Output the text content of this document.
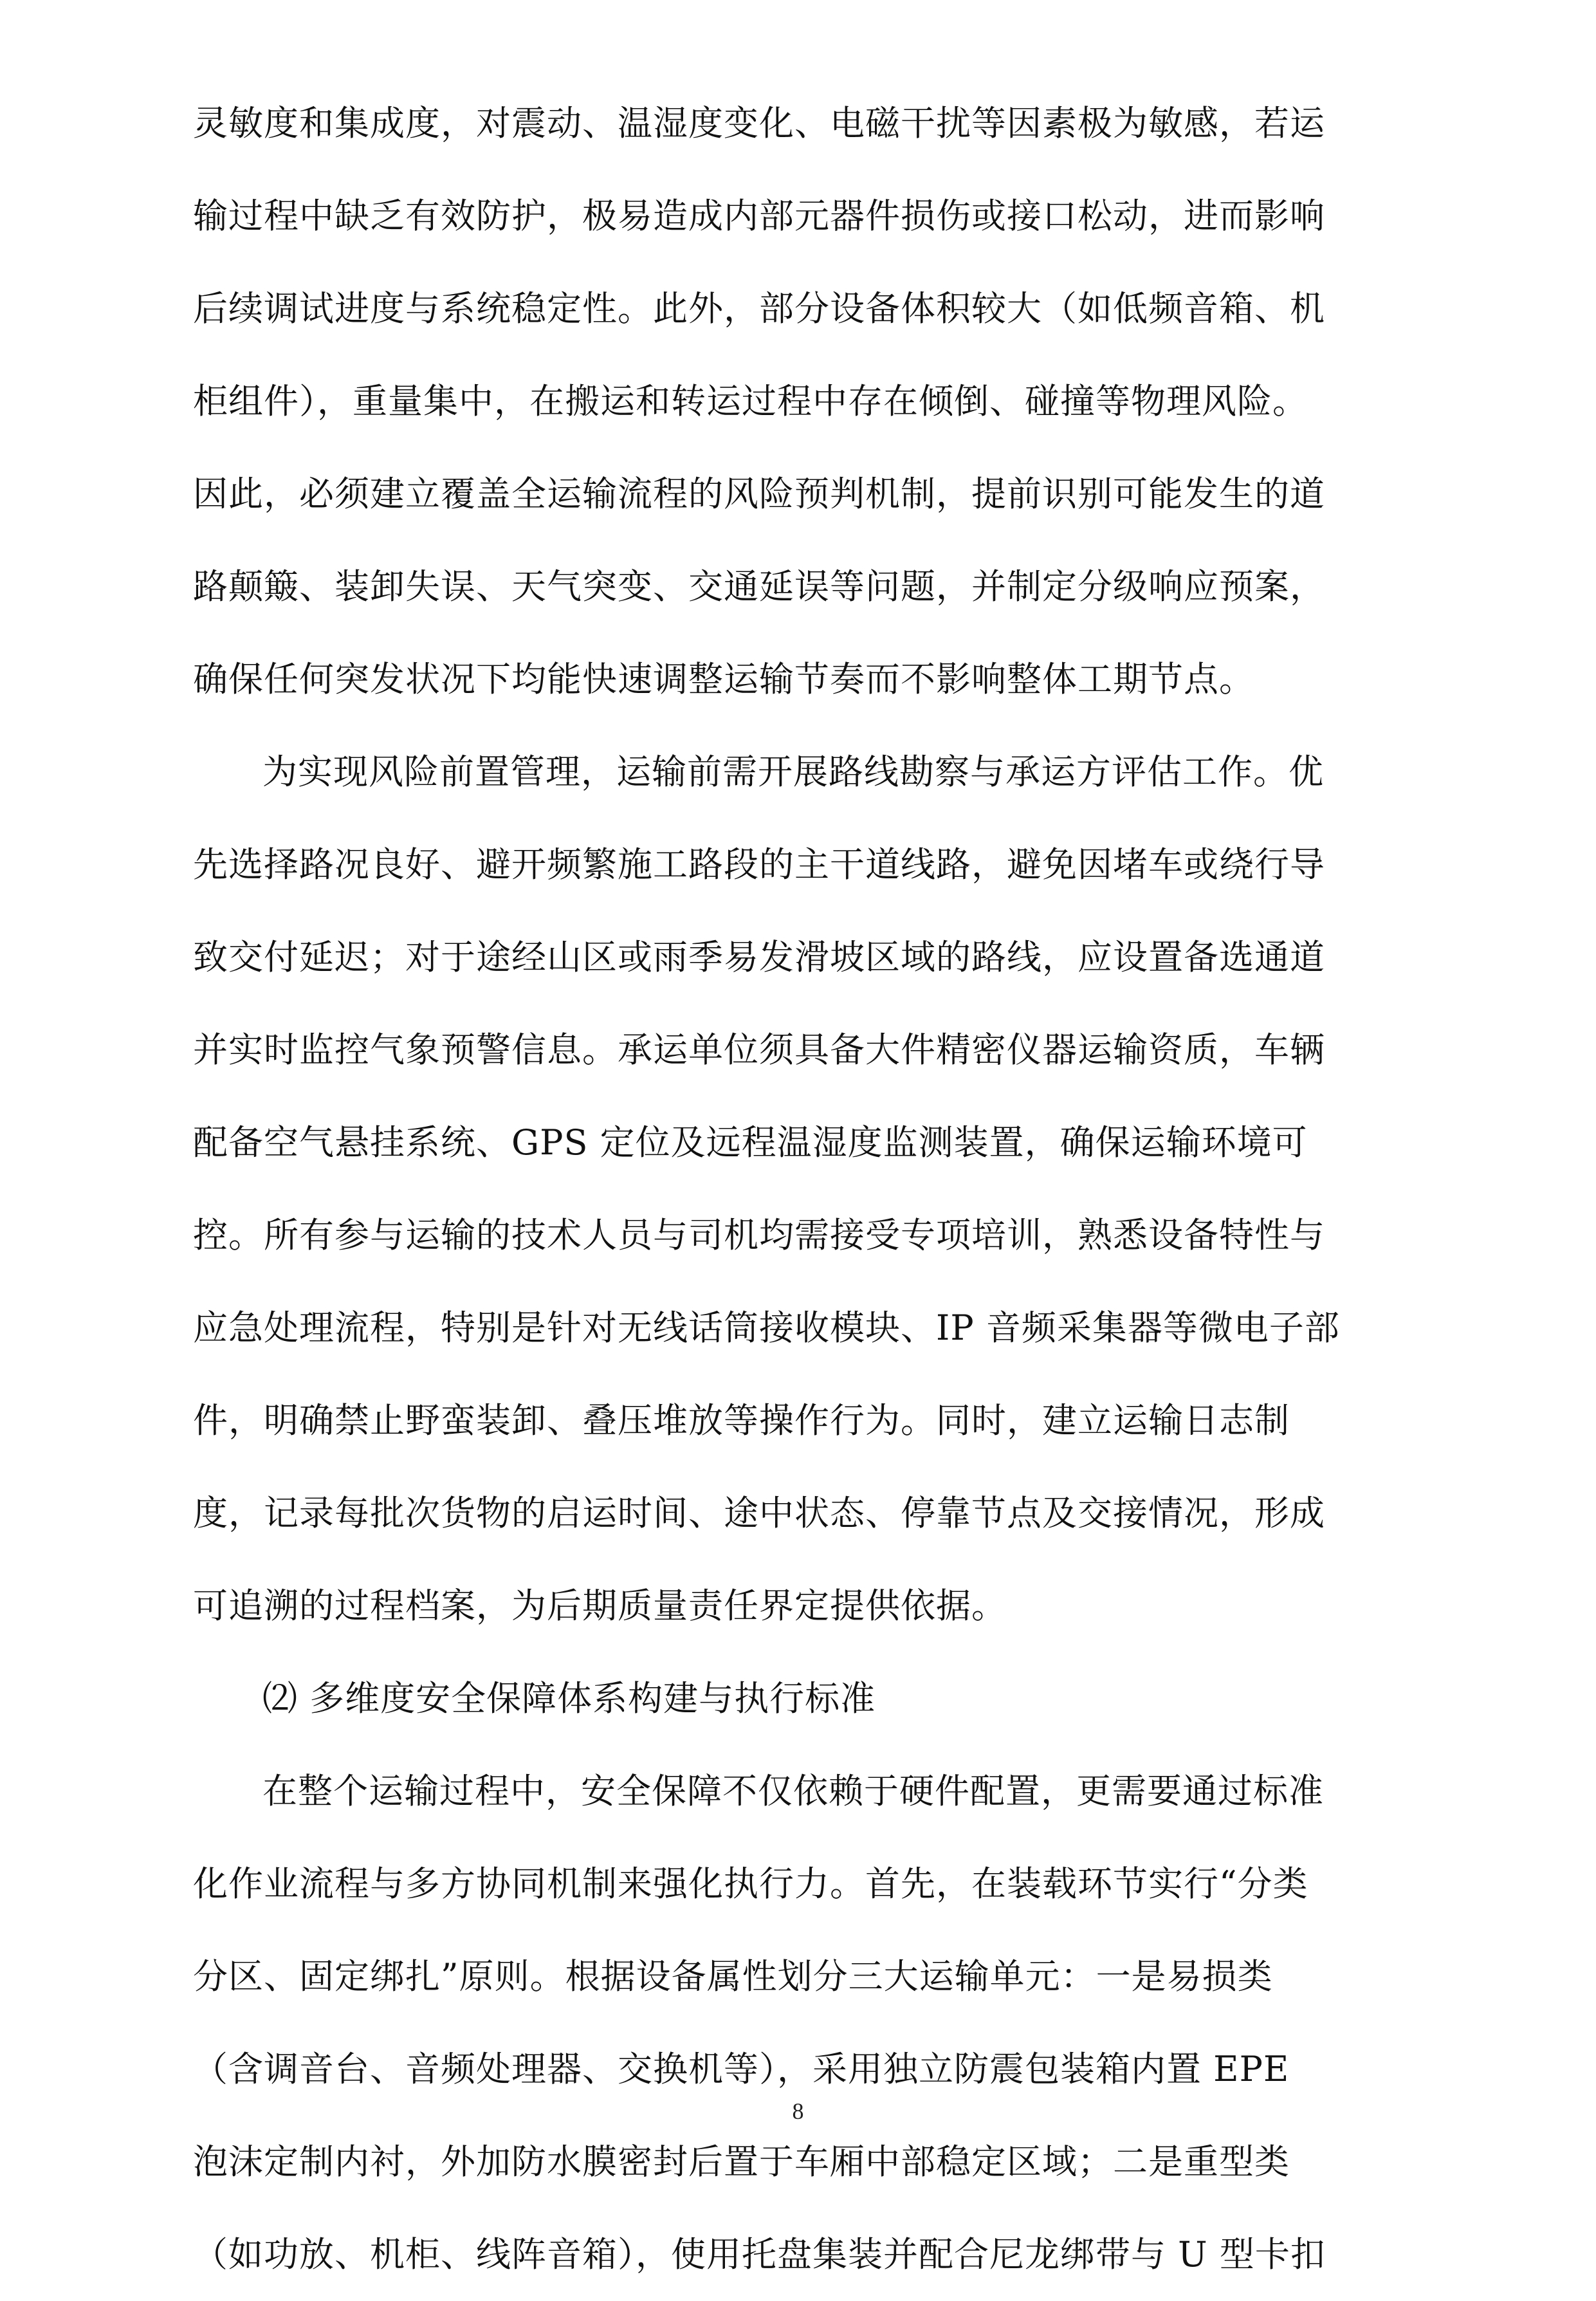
灵敏度和集成度，对震动、温湿度变化、电磁干扰等因素极为敏感，若运
输过程中缺乏有效防护，极易造成内部元器件损伤或接口松动，进而影响
后续调试进度与系统稳定性。此外，部分设备体积较大（如低频音箱、机
柜组件），重量集中，在搬运和转运过程中存在倾倒、碰撞等物理风险。
因此，必须建立覆盖全运输流程的风险预判机制，提前识别可能发生的道
路颠簸、装卸失误、天气突变、交通延误等问题，并制定分级响应预案，
确保任何突发状况下均能快速调整运输节奏而不影响整体工期节点。
为实现风险前置管理，运输前需开展路线勘察与承运方评估工作。优
先选择路况良好、避开频繁施工路段的主干道线路，避免因堵车或绕行导
致交付延迟；对于途经山区或雨季易发滑坡区域的路线，应设置备选通道
并实时监控气象预警信息。承运单位须具备大件精密仪器运输资质，车辆
配备空气悬挂系统、GPS 定位及远程温湿度监测装置，确保运输环境可
控。所有参与运输的技术人员与司机均需接受专项培训，熟悉设备特性与
应急处理流程，特别是针对无线话筒接收模块、IP 音频采集器等微电子部
件，明确禁止野蛮装卸、叠压堆放等操作行为。同时，建立运输日志制
度，记录每批次货物的启运时间、途中状态、停靠节点及交接情况，形成
可追溯的过程档案，为后期质量责任界定提供依据。
⑵ 多维度安全保障体系构建与执行标准
在整个运输过程中，安全保障不仅依赖于硬件配置，更需要通过标准
化作业流程与多方协同机制来强化执行力。首先，在装载环节实行“分类
分区、固定绑扎”原则。根据设备属性划分三大运输单元：一是易损类
（含调音台、音频处理器、交换机等），采用独立防震包装箱内置 EPE
泡沫定制内衬，外加防水膜密封后置于车厢中部稳定区域；二是重型类
（如功放、机柜、线阵音箱），使用托盘集装并配合尼龙绑带与 U 型卡扣
8
